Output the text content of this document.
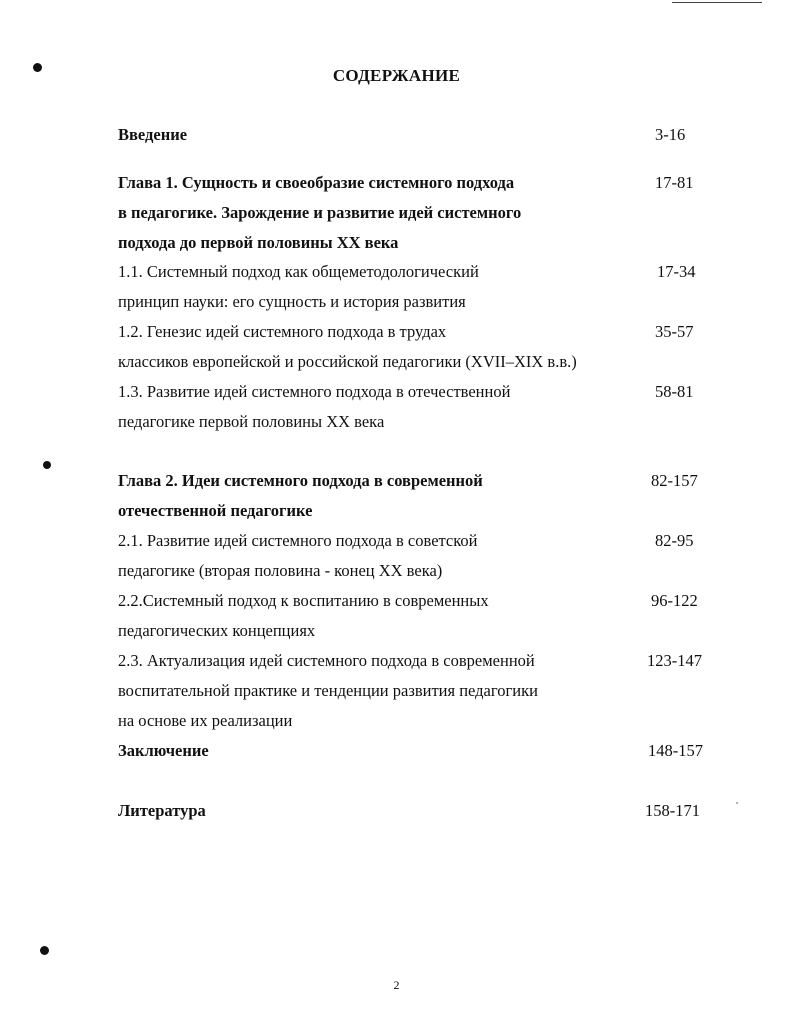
СОДЕРЖАНИЕ
Введение	3-16
Глава 1. Сущность и своеобразие системного подхода	17-81
в педагогике. Зарождение и развитие идей системного
подхода до первой половины XX века
1.1. Системный подход как общеметодологический	17-34
принцип науки: его сущность и история развития
1.2. Генезис идей системного подхода в трудах	35-57
классиков европейской и российской педагогики (XVII–XIX в.в.)
1.3. Развитие идей системного подхода в отечественной	58-81
педагогике первой половины XX века
Глава 2. Идеи системного подхода в современной	82-157
отечественной педагогике
2.1. Развитие идей системного подхода в советской	82-95
педагогике (вторая половина - конец XX века)
2.2.Системный подход к воспитанию в современных	96-122
педагогических концепциях
2.3. Актуализация идей системного подхода в современной	123-147
воспитательной практике и тенденции развития педагогики
на основе их реализации
Заключение	148-157
Литература	158-171
2
